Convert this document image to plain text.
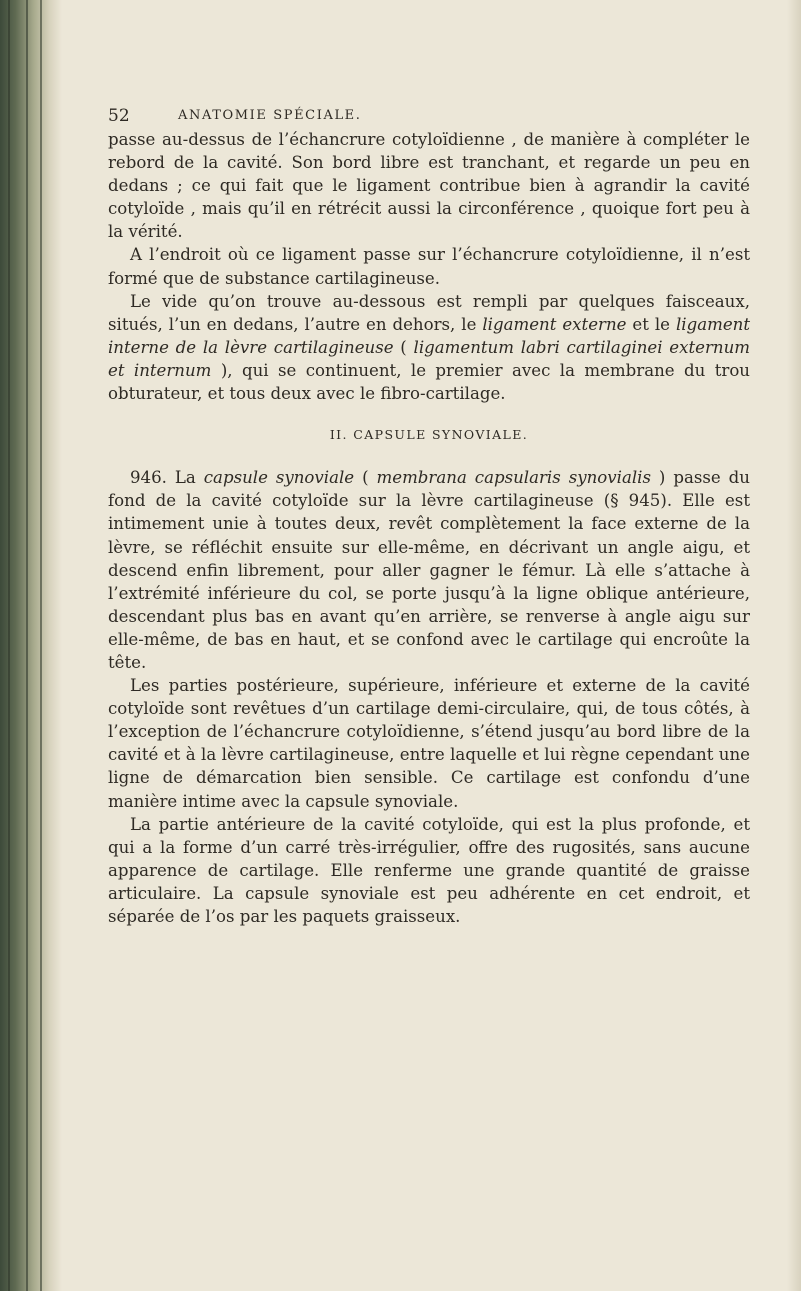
52	ANATOMIE SPÉCIALE.

passe au-dessus de l’échancrure cotyloïdienne , de manière à compléter le rebord de la cavité. Son bord libre est tranchant, et regarde un peu en dedans ; ce qui fait que le ligament contribue bien à agrandir la cavité cotyloïde , mais qu’il en rétrécit aussi la circonférence , quoique fort peu à la vérité.

A l’endroit où ce ligament passe sur l’échancrure cotyloïdienne, il n’est formé que de substance cartilagineuse.

Le vide qu’on trouve au-dessous est rempli par quelques faisceaux, situés, l’un en dedans, l’autre en dehors, le ligament externe et le ligament interne de la lèvre cartilagineuse ( ligamentum labri cartilaginei externum et internum ), qui se continuent, le premier avec la membrane du trou obturateur, et tous deux avec le fibro-cartilage.

II. CAPSULE SYNOVIALE.

946. La capsule synoviale ( membrana capsularis synovialis ) passe du fond de la cavité cotyloïde sur la lèvre cartilagineuse (§ 945). Elle est intimement unie à toutes deux, revêt complètement la face externe de la lèvre, se réfléchit ensuite sur elle-même, en décrivant un angle aigu, et descend enfin librement, pour aller gagner le fémur. Là elle s’attache à l’extrémité inférieure du col, se porte jusqu’à la ligne oblique antérieure, descendant plus bas en avant qu’en arrière, se renverse à angle aigu sur elle-même, de bas en haut, et se confond avec le cartilage qui encroûte la tête.

Les parties postérieure, supérieure, inférieure et externe de la cavité cotyloïde sont revêtues d’un cartilage demi-circulaire, qui, de tous côtés, à l’exception de l’échancrure cotyloïdienne, s’étend jusqu’au bord libre de la cavité et à la lèvre cartilagineuse, entre laquelle et lui règne cependant une ligne de démarcation bien sensible. Ce cartilage est confondu d’une manière intime avec la capsule synoviale.

La partie antérieure de la cavité cotyloïde, qui est la plus profonde, et qui a la forme d’un carré très-irrégulier, offre des rugosités, sans aucune apparence de cartilage. Elle renferme une grande quantité de graisse articulaire. La capsule synoviale est peu adhérente en cet endroit, et séparée de l’os par les paquets graisseux.
